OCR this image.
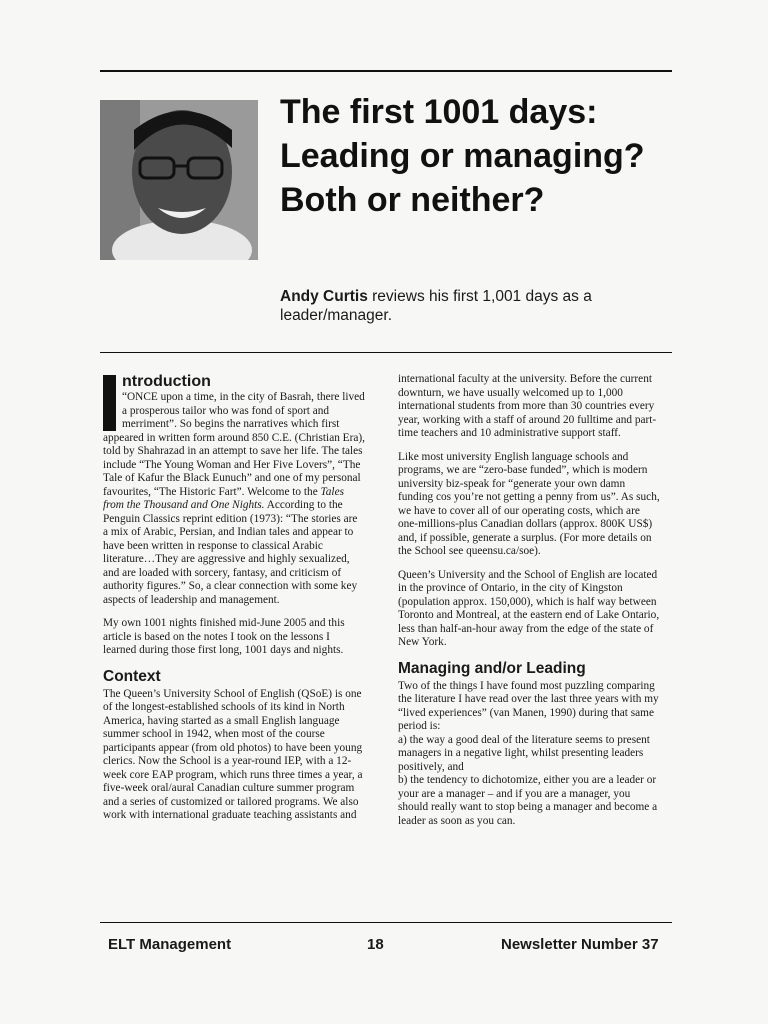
The first 1001 days:
Leading or managing?
Both or neither?
Andy Curtis reviews his first 1,001 days as a leader/manager.
ntroduction

“ONCE upon a time, in the city of Basrah, there lived a prosperous tailor who was fond of sport and merriment”. So begins the narratives which first appeared in written form around 850 C.E. (Christian Era), told by Shahrazad in an attempt to save her life. The tales include “The Young Woman and Her Five Lovers”, “The Tale of Kafur the Black Eunuch” and one of my personal favourites, “The Historic Fart”. Welcome to the Tales from the Thousand and One Nights. According to the Penguin Classics reprint edition (1973): “The stories are a mix of Arabic, Persian, and Indian tales and appear to have been written in response to classical Arabic literature…They are aggressive and highly sexualized, and are loaded with sorcery, fantasy, and criticism of authority figures.” So, a clear connection with some key aspects of leadership and management.

My own 1001 nights finished mid-June 2005 and this article is based on the notes I took on the lessons I learned during those first long, 1001 days and nights.

Context

The Queen’s University School of English (QSoE) is one of the longest-established schools of its kind in North America, having started as a small English language summer school in 1942, when most of the course participants appear (from old photos) to have been young clerics. Now the School is a year-round IEP, with a 12-week core EAP program, which runs three times a year, a five-week oral/aural Canadian culture summer program and a series of customized or tailored programs. We also work with international graduate teaching assistants and

international faculty at the university. Before the current downturn, we have usually welcomed up to 1,000 international students from more than 30 countries every year, working with a staff of around 20 fulltime and part-time teachers and 10 administrative support staff.

Like most university English language schools and programs, we are “zero-base funded”, which is modern university biz-speak for “generate your own damn funding cos you’re not getting a penny from us”. As such, we have to cover all of our operating costs, which are one-millions-plus Canadian dollars (approx. 800K US$) and, if possible, generate a surplus. (For more details on the School see queensu.ca/soe).

Queen’s University and the School of English are located in the province of Ontario, in the city of Kingston (population approx. 150,000), which is half way between Toronto and Montreal, at the eastern end of Lake Ontario, less than half-an-hour away from the edge of the state of New York.

Managing and/or Leading

Two of the things I have found most puzzling comparing the literature I have read over the last three years with my “lived experiences” (van Manen, 1990) during that same period is:

a) the way a good deal of the literature seems to present managers in a negative light, whilst presenting leaders positively, and

b) the tendency to dichotomize, either you are a leader or your are a manager – and if you are a manager, you should really want to stop being a manager and become a leader as soon as you can.

ELT Management	18	Newsletter Number 37
